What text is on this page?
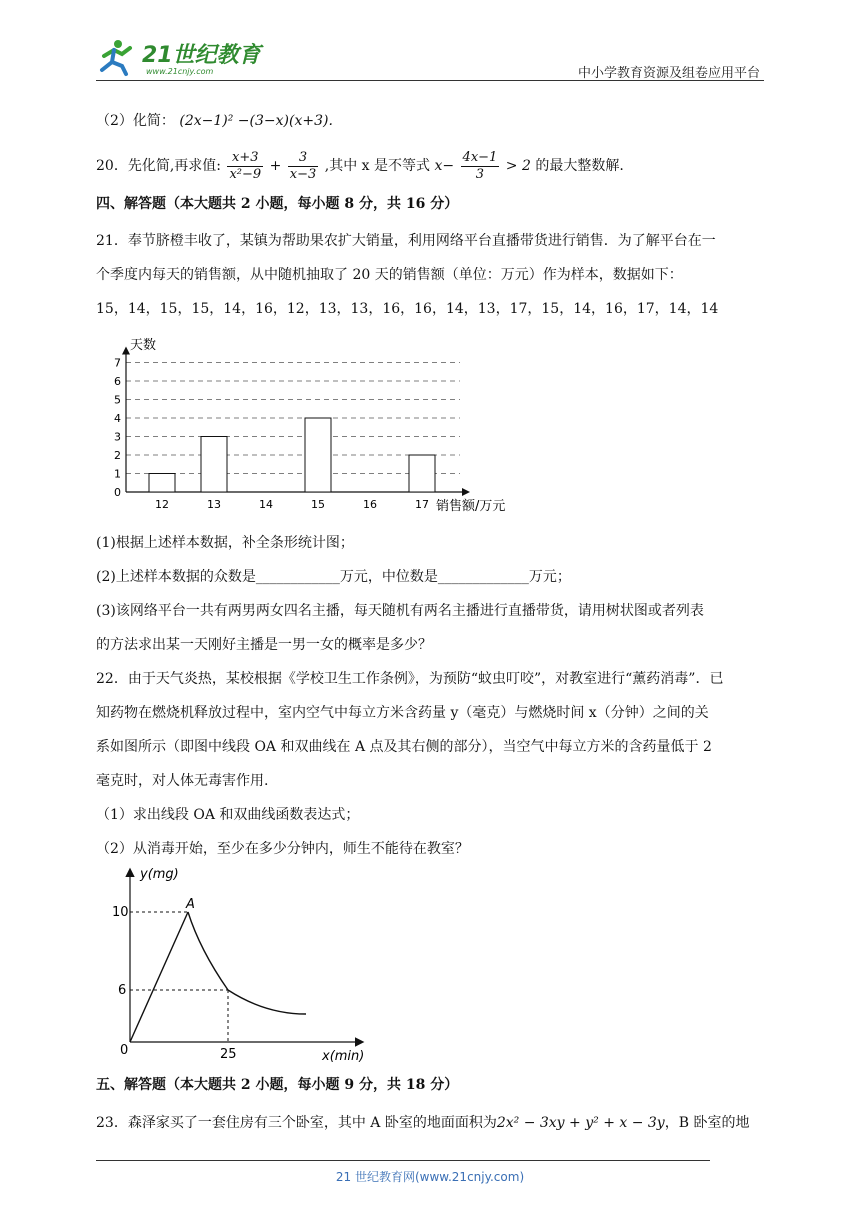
21世纪教育
www.21cnjy.com	中小学教育资源及组卷应用平台
（2）化简： (2x−1)² −(3−x)(x+3).
20．先化简,再求值: $\frac{x+3}{\text{x²−9}} + \frac{3}{x-3}$ ,其中 x 是不等式 $x- \frac{4x-1}{3} > 2$ 的最大整数解.
四、解答题（本大题共 2 小题，每小题 8 分，共 16 分）
21．奉节脐橙丰收了，某镇为帮助果农扩大销量，利用网络平台直播带货进行销售．为了解平台在一
个季度内每天的销售额，从中随机抽取了 20 天的销售额（单位：万元）作为样本，数据如下：
15，14，15，15，14，16，12，13，13，16，16，14，13，17，15，14，16，17，14，14
0
1
2
3
4
5
6
7
12	13	14	15	16	17
天数
销售额/万元
(1)根据上述样本数据，补全条形统计图；
(2)上述样本数据的众数是____________万元，中位数是_____________万元；
(3)该网络平台一共有两男两女四名主播，每天随机有两名主播进行直播带货，请用树状图或者列表
的方法求出某一天刚好主播是一男一女的概率是多少？
22．由于天气炎热，某校根据《学校卫生工作条例》，为预防“蚊虫叮咬”，对教室进行“薰药消毒”．已
知药物在燃烧机释放过程中，室内空气中每立方米含药量 y（毫克）与燃烧时间 x（分钟）之间的关
系如图所示（即图中线段 OA 和双曲线在 A 点及其右侧的部分），当空气中每立方米的含药量低于 2
毫克时，对人体无毒害作用.
（1）求出线段 OA 和双曲线函数表达式；
（2）从消毒开始，至少在多少分钟内，师生不能待在教室？
y(mg)
x(min)
A
10
6
25
0
五、解答题（本大题共 2 小题，每小题 9 分，共 18 分）
23．森泽家买了一套住房有三个卧室，其中 A 卧室的地面面积为2x² − 3xy + y² + x − 3y，B 卧室的地
21 世纪教育网(www.21cnjy.com)
